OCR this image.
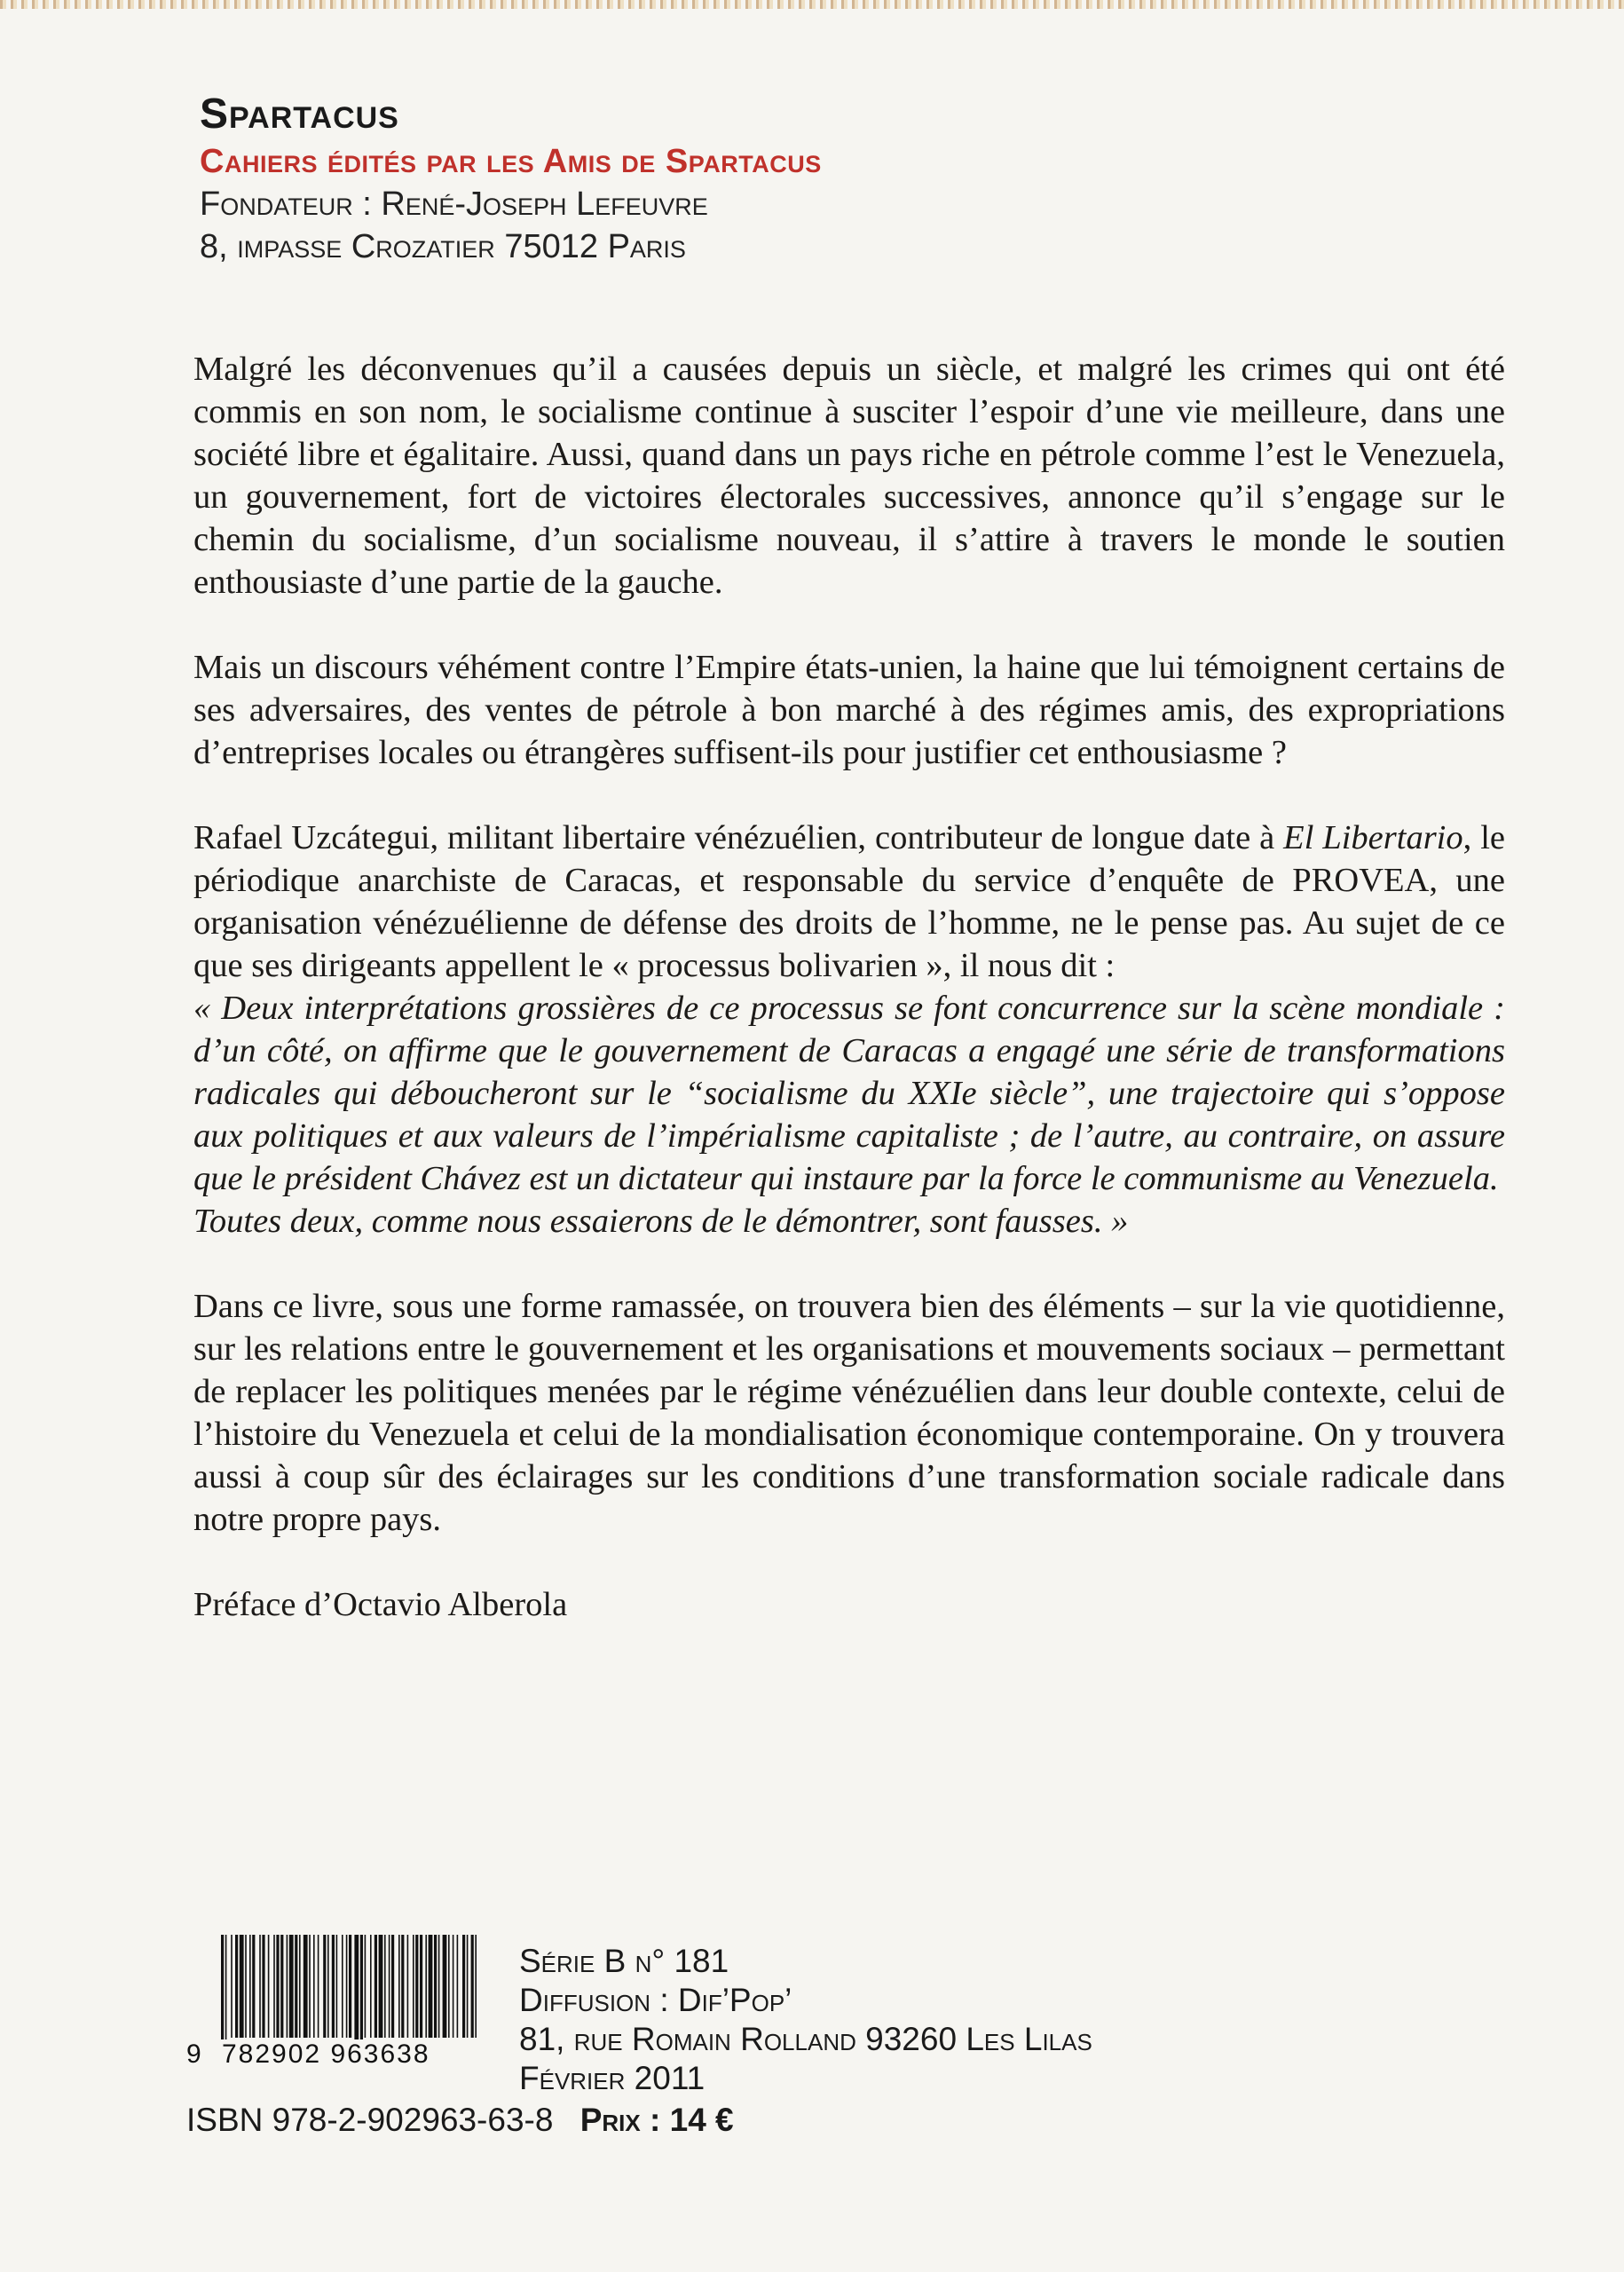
Spartacus
Cahiers édités par les Amis de Spartacus
Fondateur : René-Joseph Lefeuvre
8, impasse Crozatier 75012 Paris

Malgré les déconvenues qu’il a causées depuis un siècle, et malgré les crimes qui ont été commis en son nom, le socialisme continue à susciter l’espoir d’une vie meilleure, dans une société libre et égalitaire. Aussi, quand dans un pays riche en pétrole comme l’est le Venezuela, un gouvernement, fort de victoires électorales successives, annonce qu’il s’engage sur le chemin du socialisme, d’un socialisme nouveau, il s’attire à travers le monde le soutien enthousiaste d’une partie de la gauche.

Mais un discours véhément contre l’Empire états-unien, la haine que lui témoignent certains de ses adversaires, des ventes de pétrole à bon marché à des régimes amis, des expropriations d’entreprises locales ou étrangères suffisent-ils pour justifier cet enthousiasme ?

Rafael Uzcátegui, militant libertaire vénézuélien, contributeur de longue date à El Libertario, le périodique anarchiste de Caracas, et responsable du service d’enquête de PROVEA, une organisation vénézuélienne de défense des droits de l’homme, ne le pense pas. Au sujet de ce que ses dirigeants appellent le « processus bolivarien », il nous dit :
« Deux interprétations grossières de ce processus se font concurrence sur la scène mondiale : d’un côté, on affirme que le gouvernement de Caracas a engagé une série de transformations radicales qui déboucheront sur le “socialisme du XXIe siècle”, une trajectoire qui s’oppose aux politiques et aux valeurs de l’impérialisme capitaliste ; de l’autre, au contraire, on assure que le président Chávez est un dictateur qui instaure par la force le communisme au Venezuela.
Toutes deux, comme nous essaierons de le démontrer, sont fausses. »

Dans ce livre, sous une forme ramassée, on trouvera bien des éléments – sur la vie quotidienne, sur les relations entre le gouvernement et les organisations et mouvements sociaux – permettant de replacer les politiques menées par le régime vénézuélien dans leur double contexte, celui de l’histoire du Venezuela et celui de la mondialisation économique contemporaine. On y trouvera aussi à coup sûr des éclairages sur les conditions d’une transformation sociale radicale dans notre propre pays.

Préface d’Octavio Alberola

9 782902 963638
Série B n° 181
Diffusion : Dif’Pop’
81, rue Romain Rolland 93260 Les Lilas
Février 2011
ISBN 978-2-902963-63-8 Prix : 14 €
